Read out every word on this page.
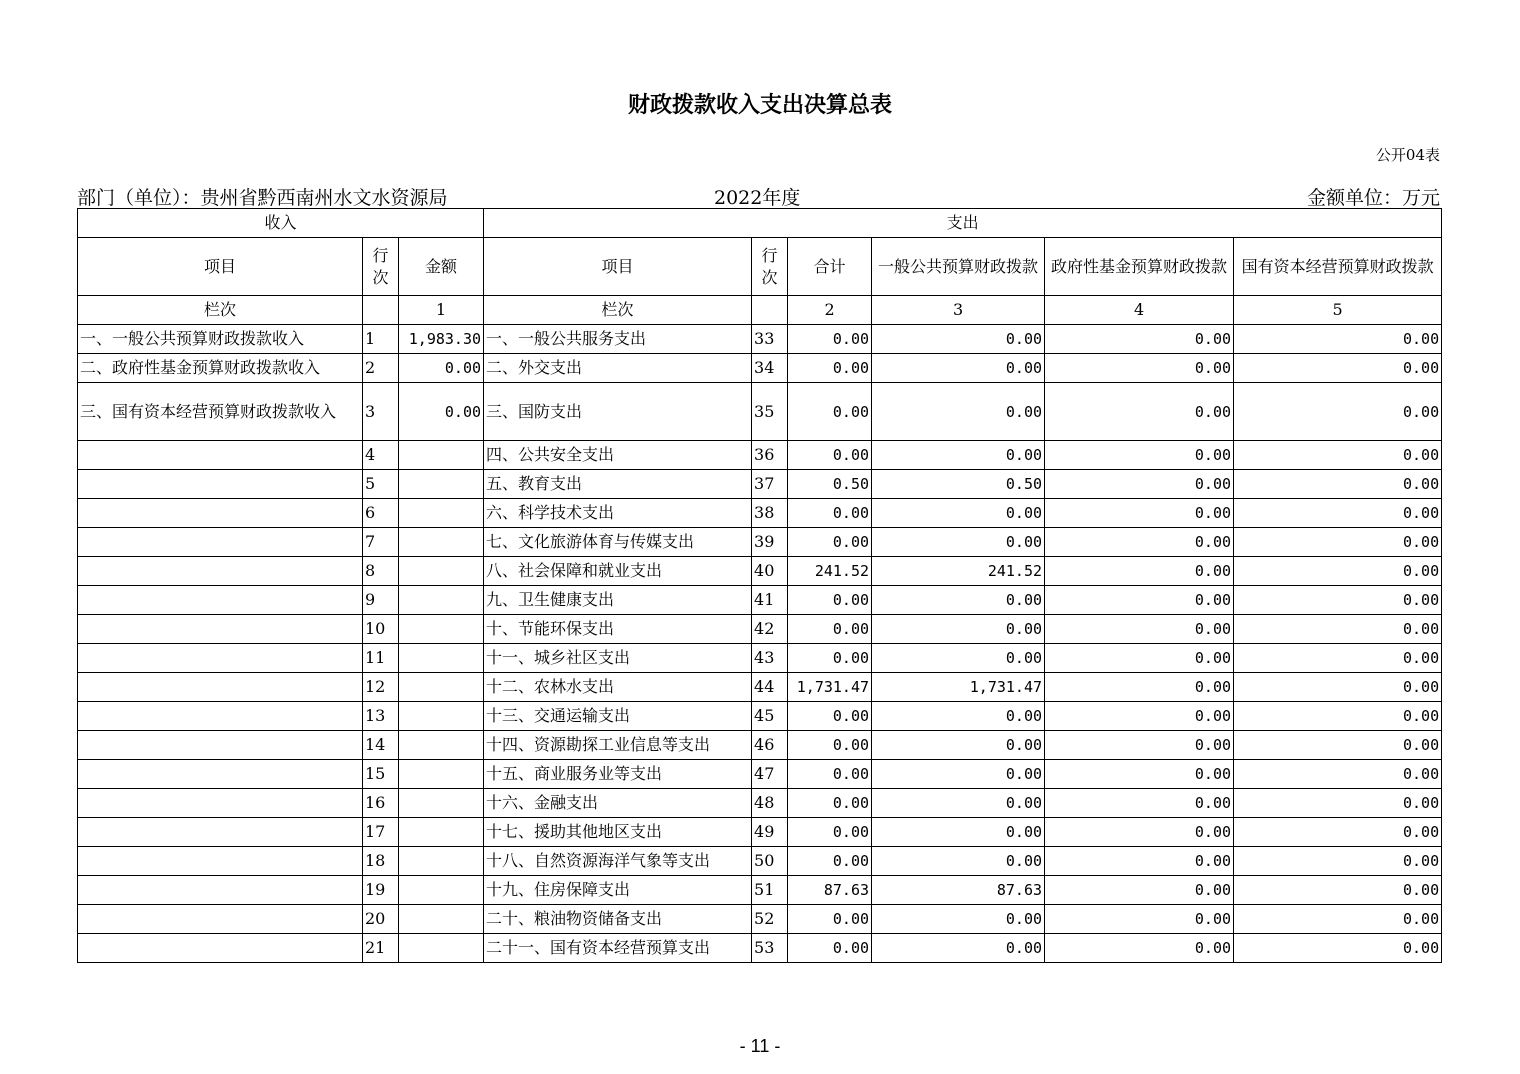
财政拨款收入支出决算总表
公开04表
部门（单位）：贵州省黔西南州水文水资源局	2022年度	金额单位：万元
收入			支出					
项目	行次	金额	项目	行次	合计	一般公共预算财政拨款	政府性基金预算财政拨款	国有资本经营预算财政拨款
栏次		1	栏次		2	3	4	5
一、一般公共预算财政拨款收入	1	1,983.30	一、一般公共服务支出	33	0.00	0.00	0.00	0.00
二、政府性基金预算财政拨款收入	2	0.00	二、外交支出	34	0.00	0.00	0.00	0.00
三、国有资本经营预算财政拨款收入	3	0.00	三、国防支出	35	0.00	0.00	0.00	0.00
	4		四、公共安全支出	36	0.00	0.00	0.00	0.00
	5		五、教育支出	37	0.50	0.50	0.00	0.00
	6		六、科学技术支出	38	0.00	0.00	0.00	0.00
	7		七、文化旅游体育与传媒支出	39	0.00	0.00	0.00	0.00
	8		八、社会保障和就业支出	40	241.52	241.52	0.00	0.00
	9		九、卫生健康支出	41	0.00	0.00	0.00	0.00
	10		十、节能环保支出	42	0.00	0.00	0.00	0.00
	11		十一、城乡社区支出	43	0.00	0.00	0.00	0.00
	12		十二、农林水支出	44	1,731.47	1,731.47	0.00	0.00
	13		十三、交通运输支出	45	0.00	0.00	0.00	0.00
	14		十四、资源勘探工业信息等支出	46	0.00	0.00	0.00	0.00
	15		十五、商业服务业等支出	47	0.00	0.00	0.00	0.00
	16		十六、金融支出	48	0.00	0.00	0.00	0.00
	17		十七、援助其他地区支出	49	0.00	0.00	0.00	0.00
	18		十八、自然资源海洋气象等支出	50	0.00	0.00	0.00	0.00
	19		十九、住房保障支出	51	87.63	87.63	0.00	0.00
	20		二十、粮油物资储备支出	52	0.00	0.00	0.00	0.00
	21		二十一、国有资本经营预算支出	53	0.00	0.00	0.00	0.00
- 11 -
